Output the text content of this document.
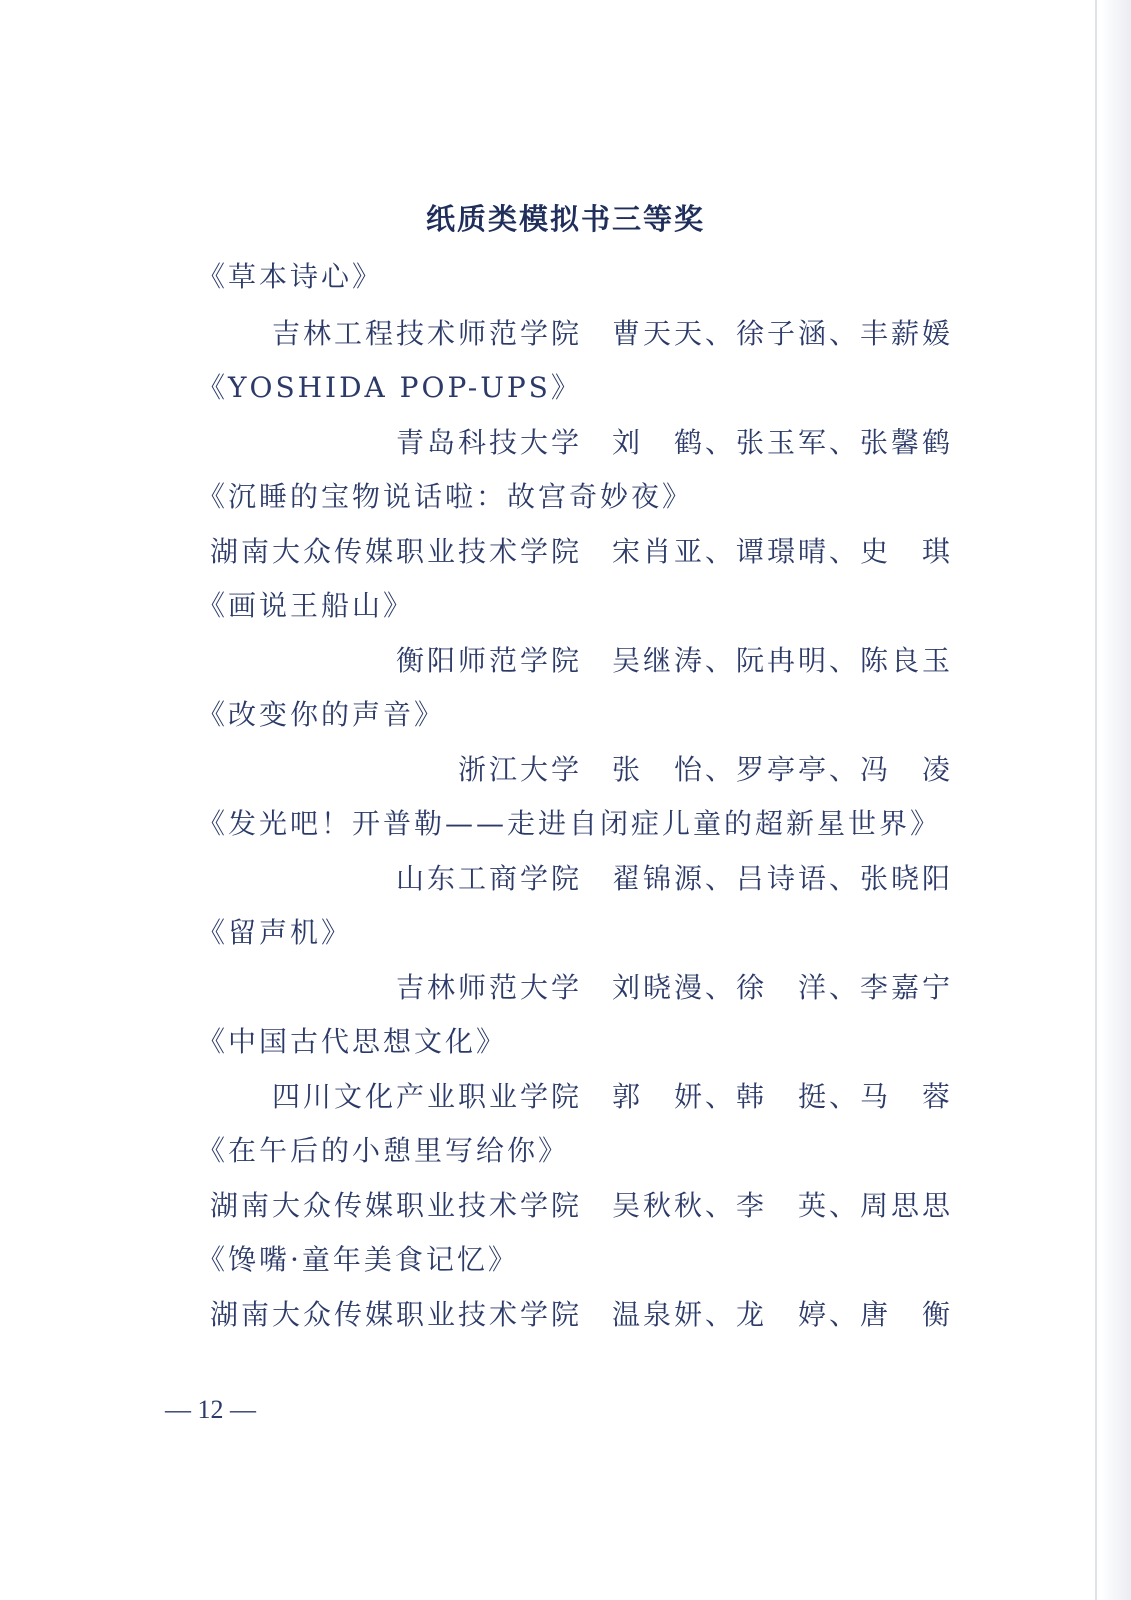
纸质类模拟书三等奖
《草本诗心》
吉林工程技术师范学院 曹天天、徐子涵、丰薪媛
《YOSHIDA POP-UPS》
青岛科技大学 刘　鹤、张玉军、张馨鹤
《沉睡的宝物说话啦：故宫奇妙夜》
湖南大众传媒职业技术学院 宋肖亚、谭璟晴、史　琪
《画说王船山》
衡阳师范学院 吴继涛、阮冉明、陈良玉
《改变你的声音》
浙江大学 张　怡、罗亭亭、冯　凌
《发光吧！开普勒——走进自闭症儿童的超新星世界》
山东工商学院 翟锦源、吕诗语、张晓阳
《留声机》
吉林师范大学 刘晓漫、徐　洋、李嘉宁
《中国古代思想文化》
四川文化产业职业学院 郭　妍、韩　挺、马　蓉
《在午后的小憩里写给你》
湖南大众传媒职业技术学院 吴秋秋、李　英、周思思
《馋嘴·童年美食记忆》
湖南大众传媒职业技术学院 温泉妍、龙　婷、唐　衡
— 12 —
